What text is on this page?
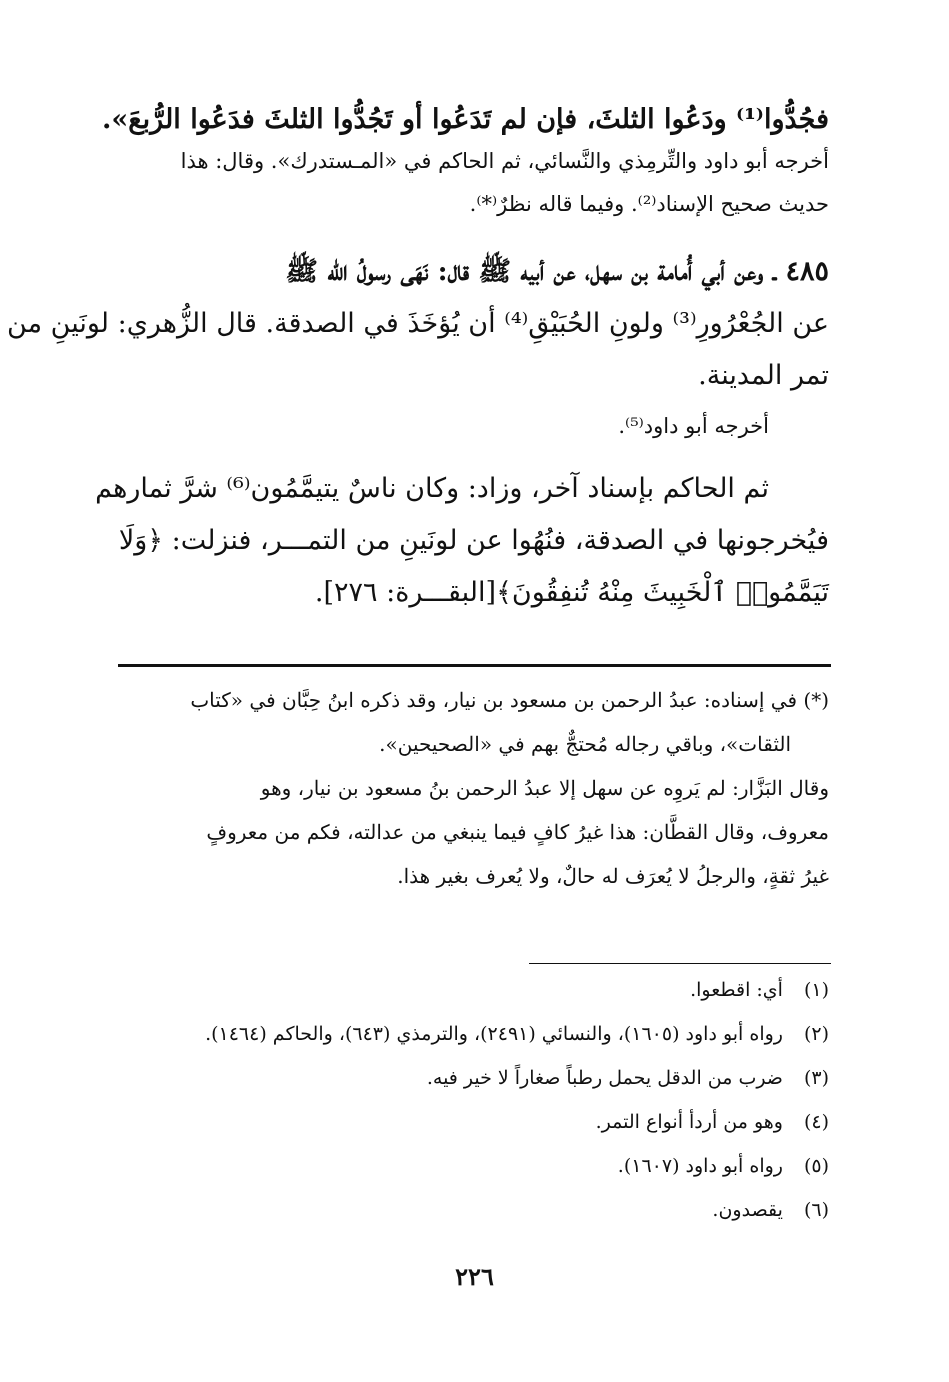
فجُدُّوا⁽¹⁾ ودَعُوا الثلثَ، فإن لم تَدَعُوا أو تَجُدُّوا الثلثَ فدَعُوا الرُّبعَ».
أخرجه أبو داود والتِّرمِذي والنَّسائي، ثم الحاكم في «المـستدرك». وقال: هذا
حديث صحيح الإسناد⁽²⁾. وفيما قاله نظرٌ⁽*⁾.
٤٨٥ ـ وعن أبي أُمامة بن سهل، عن أبيه ﷺ قال: نَهَى رسولُ الله ﷺ
عن الجُعْرُورِ⁽³⁾ ولونِ الحُبَيْقِ⁽⁴⁾ أن يُؤخَذَ في الصدقة. قال الزُّهري: لونَينِ من
تمر المدينة.
أخرجه أبو داود⁽⁵⁾.
ثم الحاكم بإسناد آخر، وزاد: وكان ناسٌ يتيمَّمُون⁽⁶⁾ شرَّ ثمارهم
فيُخرجونها في الصدقة، فنُهُوا عن لونَينِ من التمـــر، فنزلت: ﴿وَلَا
تَيَمَّمُوا۟ ٱلْخَبِيثَ مِنْهُ تُنفِقُونَ﴾[البقـــرة: ٢٧٦].
(*) في إسناده: عبدُ الرحمن بن مسعود بن نيار، وقد ذكره ابنُ حِبَّان في «كتاب
الثقات»، وباقي رجاله مُحتجٌّ بهم في «الصحيحين».
وقال البَزَّار: لم يَروِه عن سهل إلا عبدُ الرحمن بنُ مسعود بن نيار، وهو
معروف، وقال القطَّان: هذا غيرُ كافٍ فيما ينبغي من عدالته، فكم من معروفٍ
غيرُ ثقةٍ، والرجلُ لا يُعرَف له حالٌ، ولا يُعرف بغير هذا.
(١) أي: اقطعوا.
(٢) رواه أبو داود (١٦٠٥)، والنسائي (٢٤٩١)، والترمذي (٦٤٣)، والحاكم (١٤٦٤).
(٣) ضرب من الدقل يحمل رطباً صغاراً لا خير فيه.
(٤) وهو من أردأ أنواع التمر.
(٥) رواه أبو داود (١٦٠٧).
(٦) يقصدون.
٢٢٦
